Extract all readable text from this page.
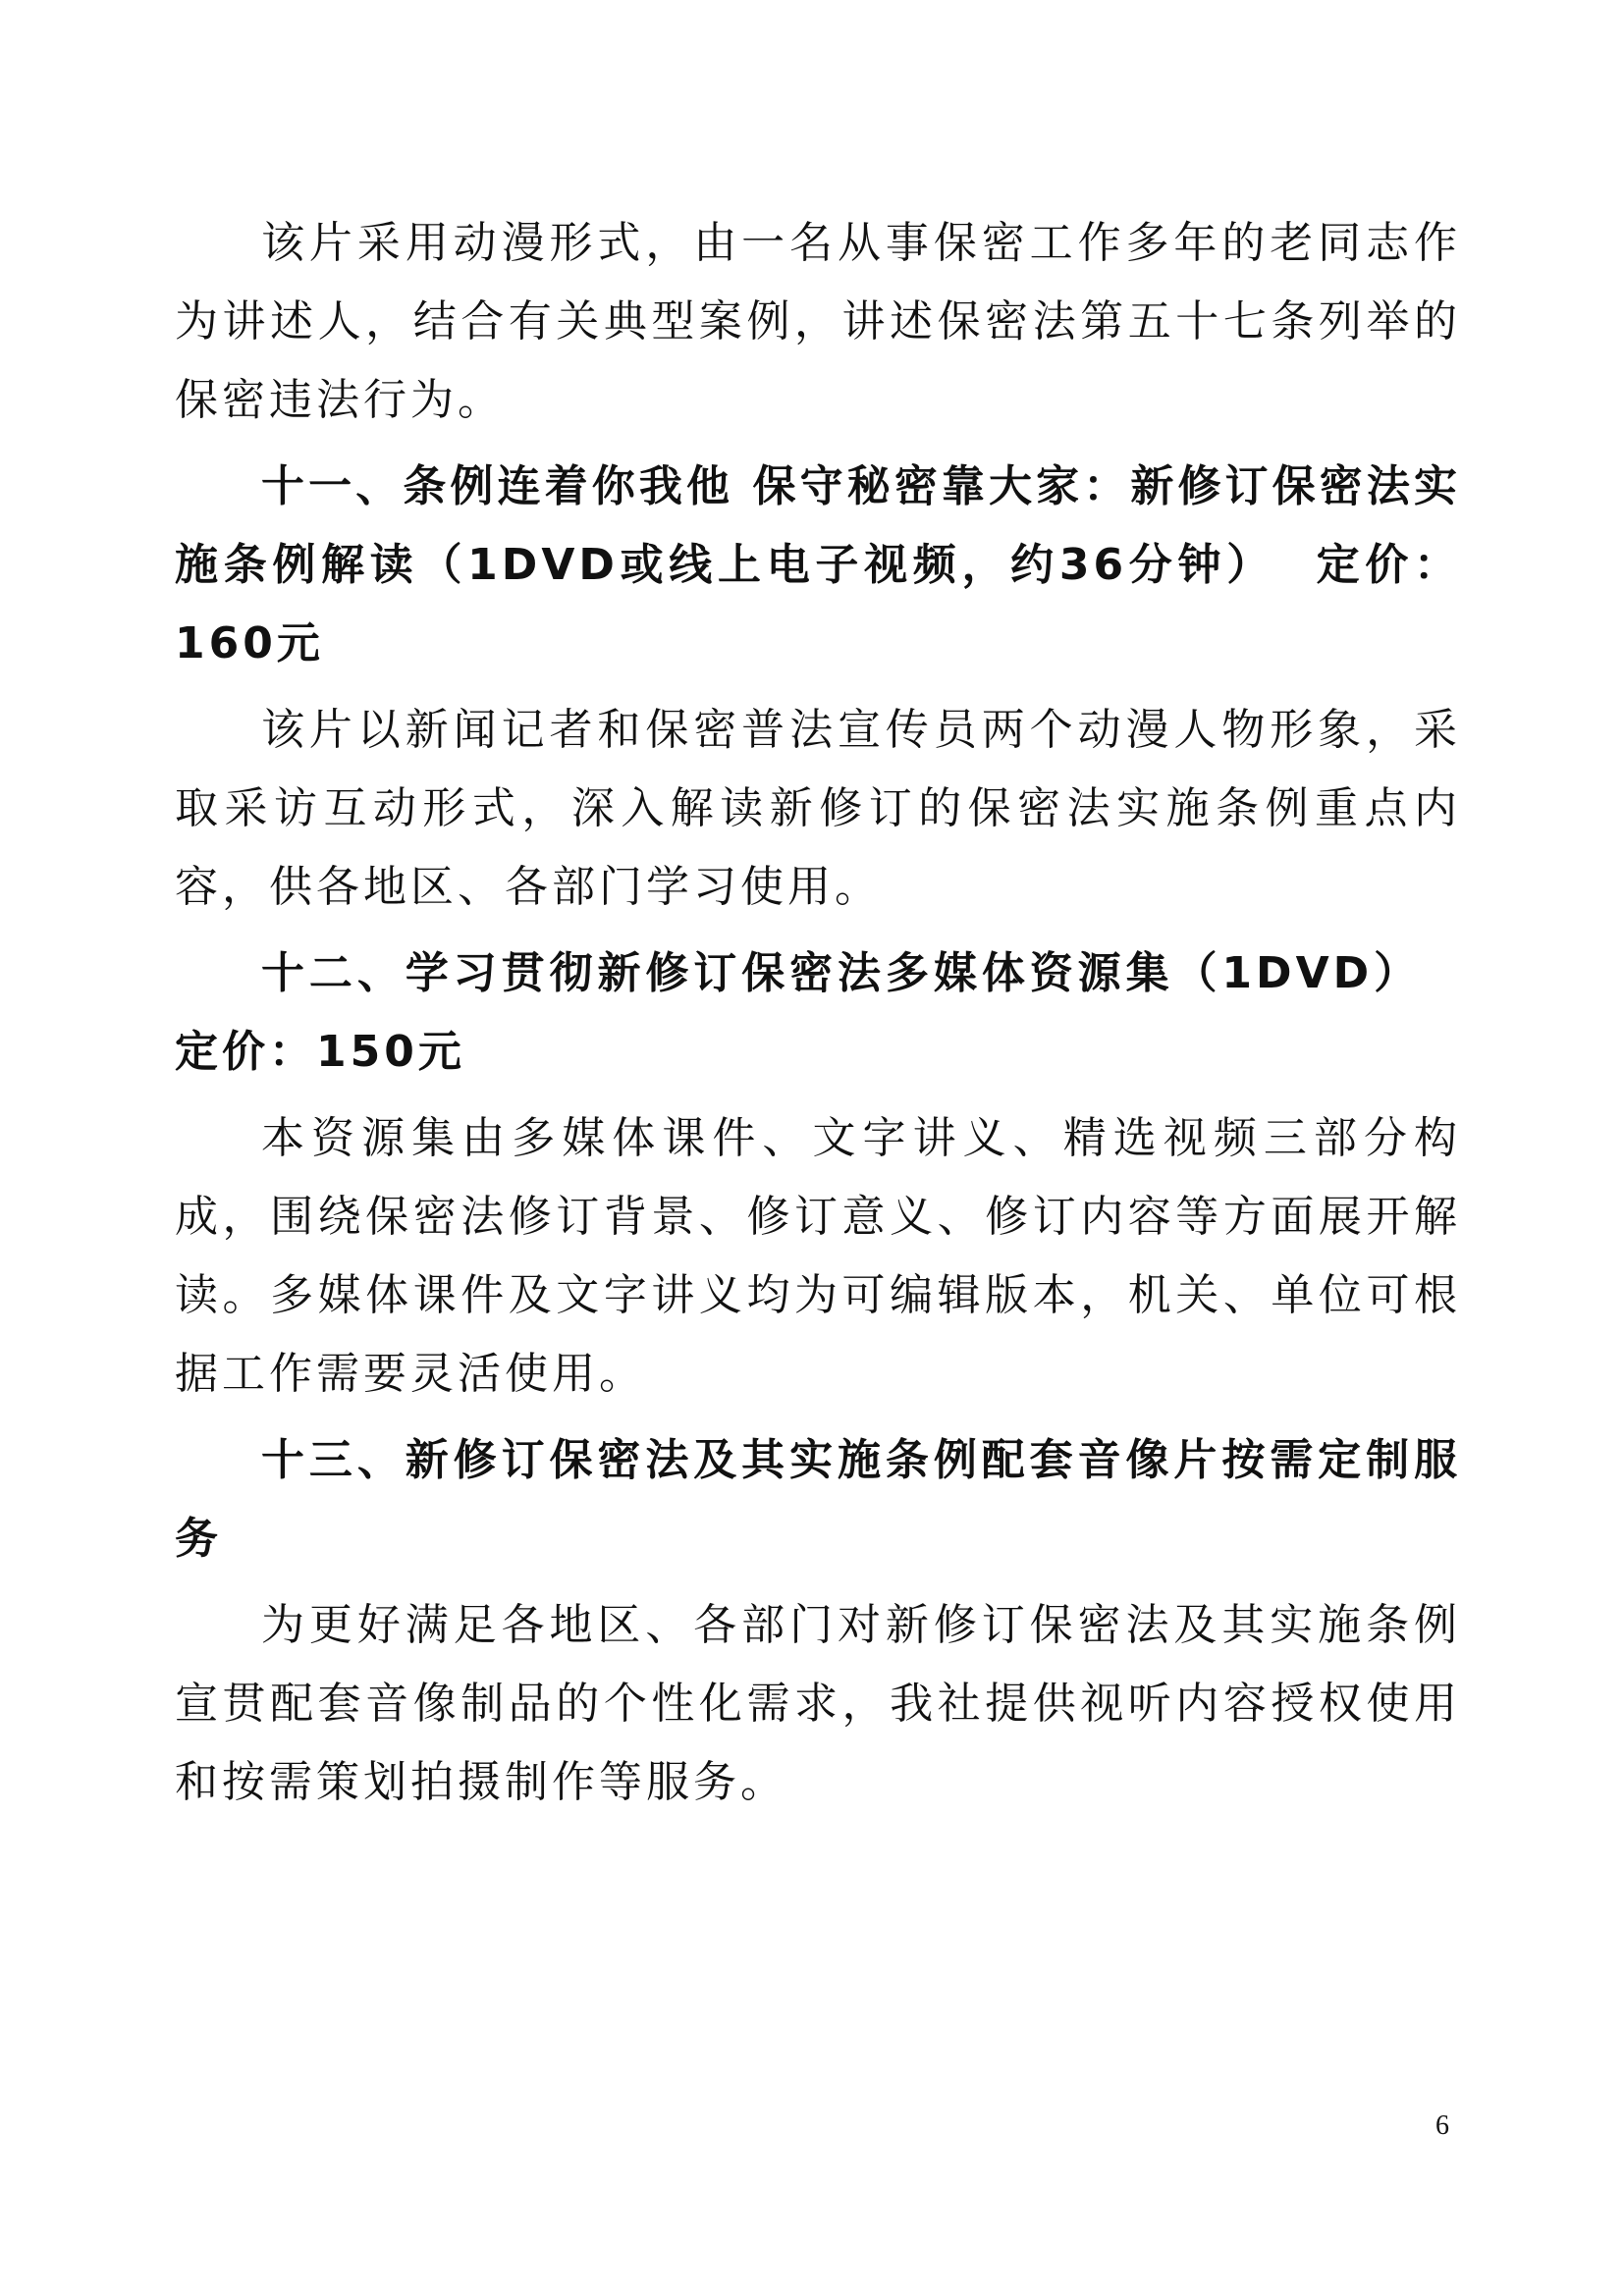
该片采用动漫形式，由一名从事保密工作多年的老同志作为讲述人，结合有关典型案例，讲述保密法第五十七条列举的保密违法行为。

十一、条例连着你我他 保守秘密靠大家：新修订保密法实施条例解读（1DVD或线上电子视频，约36分钟） 定价：160元

该片以新闻记者和保密普法宣传员两个动漫人物形象，采取采访互动形式，深入解读新修订的保密法实施条例重点内容，供各地区、各部门学习使用。

十二、学习贯彻新修订保密法多媒体资源集（1DVD）定价：150元

本资源集由多媒体课件、文字讲义、精选视频三部分构成，围绕保密法修订背景、修订意义、修订内容等方面展开解读。多媒体课件及文字讲义均为可编辑版本，机关、单位可根据工作需要灵活使用。

十三、新修订保密法及其实施条例配套音像片按需定制服务

为更好满足各地区、各部门对新修订保密法及其实施条例宣贯配套音像制品的个性化需求，我社提供视听内容授权使用和按需策划拍摄制作等服务。

6
